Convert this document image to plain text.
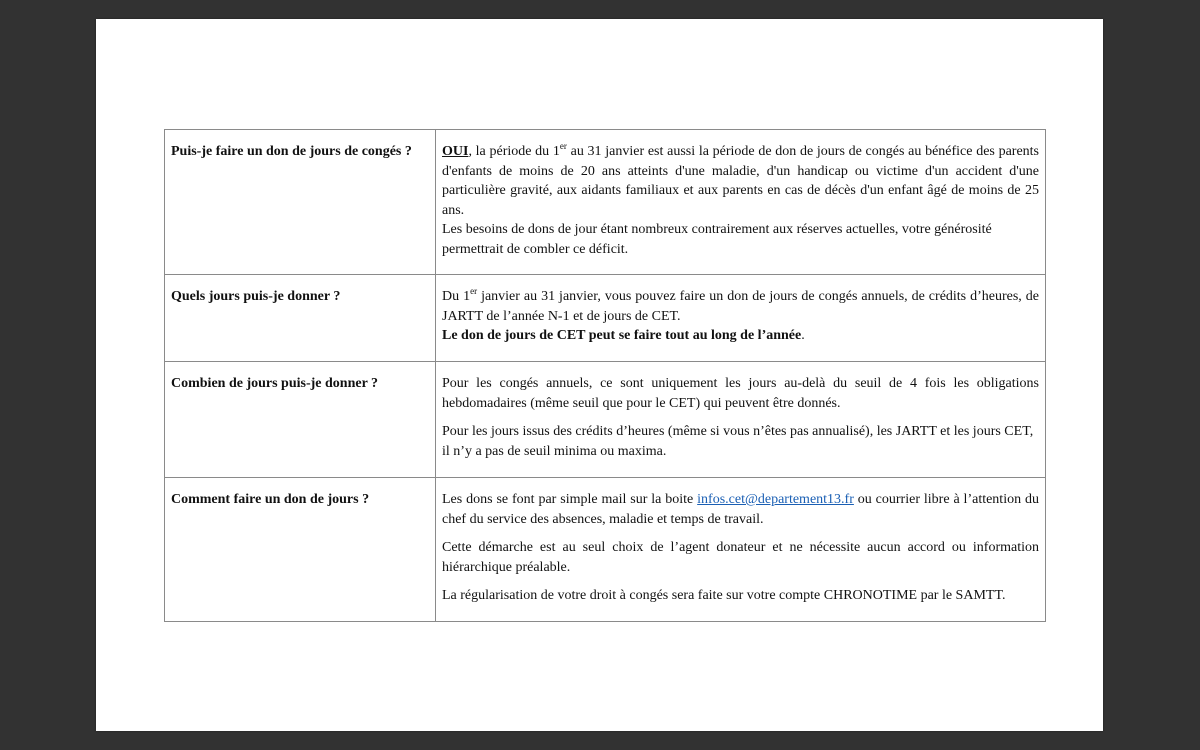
Puis-je faire un don de jours de congés ?	OUI, la période du 1er au 31 janvier est aussi la période de don de jours de congés au bénéfice des parents d'enfants de moins de 20 ans atteints d'une maladie, d'un handicap ou victime d'un accident d'une particulière gravité, aux aidants familiaux et aux parents en cas de décès d'un enfant âgé de moins de 25 ans.

Les besoins de dons de jour étant nombreux contrairement aux réserves actuelles, votre générosité permettrait de combler ce déficit.

Quels jours puis-je donner ?	Du 1er janvier au 31 janvier, vous pouvez faire un don de jours de congés annuels, de crédits d’heures, de JARTT de l’année N-1 et de jours de CET.

Le don de jours de CET peut se faire tout au long de l’année.

Combien de jours puis-je donner ?	Pour les congés annuels, ce sont uniquement les jours au-delà du seuil de 4 fois les obligations hebdomadaires (même seuil que pour le CET) qui peuvent être donnés.

Pour les jours issus des crédits d’heures (même si vous n’êtes pas annualisé), les JARTT et les jours CET, il n’y a pas de seuil minima ou maxima.

Comment faire un don de jours ?	Les dons se font par simple mail sur la boite infos.cet@departement13.fr ou courrier libre à l’attention du chef du service des absences, maladie et temps de travail.

Cette démarche est au seul choix de l’agent donateur et ne nécessite aucun accord ou information hiérarchique préalable.

La régularisation de votre droit à congés sera faite sur votre compte CHRONOTIME par le SAMTT.
